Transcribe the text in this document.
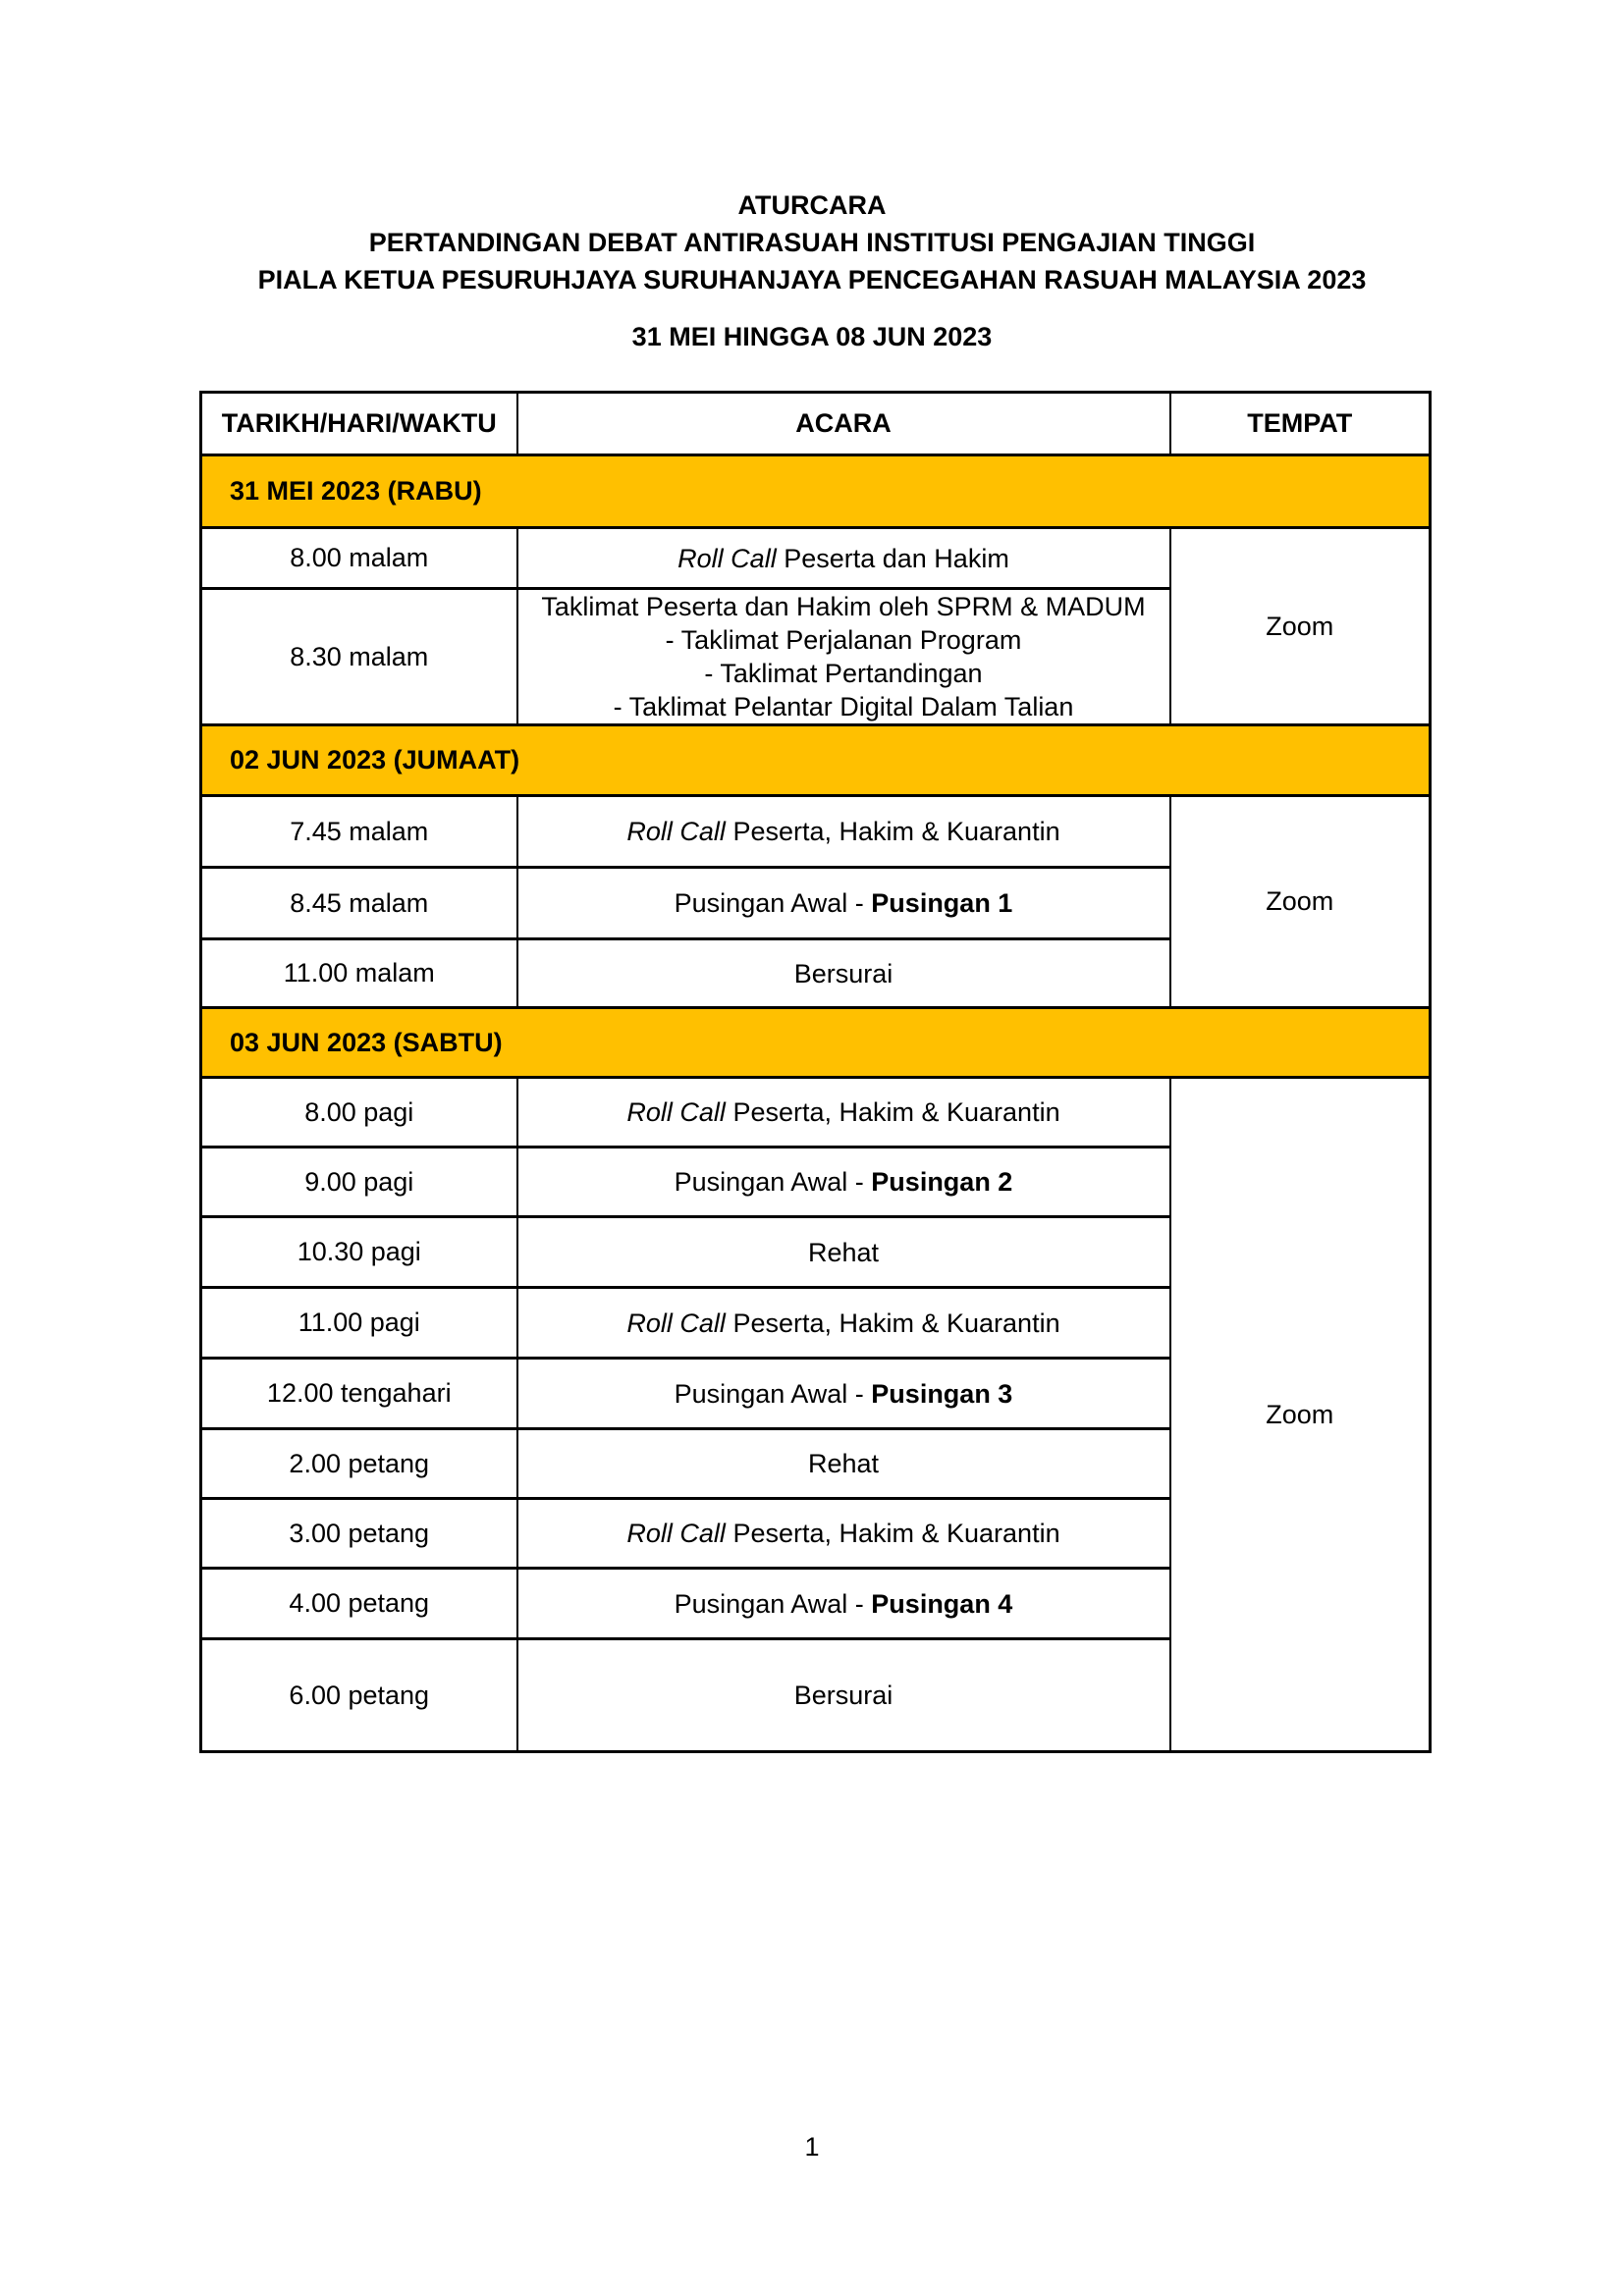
ATURCARA
PERTANDINGAN DEBAT ANTIRASUAH INSTITUSI PENGAJIAN TINGGI
PIALA KETUA PESURUHJAYA SURUHANJAYA PENCEGAHAN RASUAH MALAYSIA 2023
31 MEI HINGGA 08 JUN 2023
TARIKH/HARI/WAKTU	ACARA	TEMPAT
31 MEI 2023 (RABU)		
8.00 malam	Roll Call Peserta dan Hakim	Zoom
8.30 malam	Taklimat Peserta dan Hakim oleh SPRM & MADUM
- Taklimat Perjalanan Program
- Taklimat Pertandingan
- Taklimat Pelantar Digital Dalam Talian	

02 JUN 2023 (JUMAAT)		
7.45 malam	Roll Call Peserta, Hakim & Kuarantin	Zoom
8.45 malam	Pusingan Awal - Pusingan 1	
11.00 malam	Bersurai	
03 JUN 2023 (SABTU)		
8.00 pagi	Roll Call Peserta, Hakim & Kuarantin	Zoom
9.00 pagi	Pusingan Awal - Pusingan 2	
10.30 pagi	Rehat	
11.00 pagi	Roll Call Peserta, Hakim & Kuarantin	
12.00 tengahari	Pusingan Awal - Pusingan 3	
2.00 petang	Rehat	
3.00 petang	Roll Call Peserta, Hakim & Kuarantin	
4.00 petang	Pusingan Awal - Pusingan 4	
6.00 petang	Bersurai	
1
